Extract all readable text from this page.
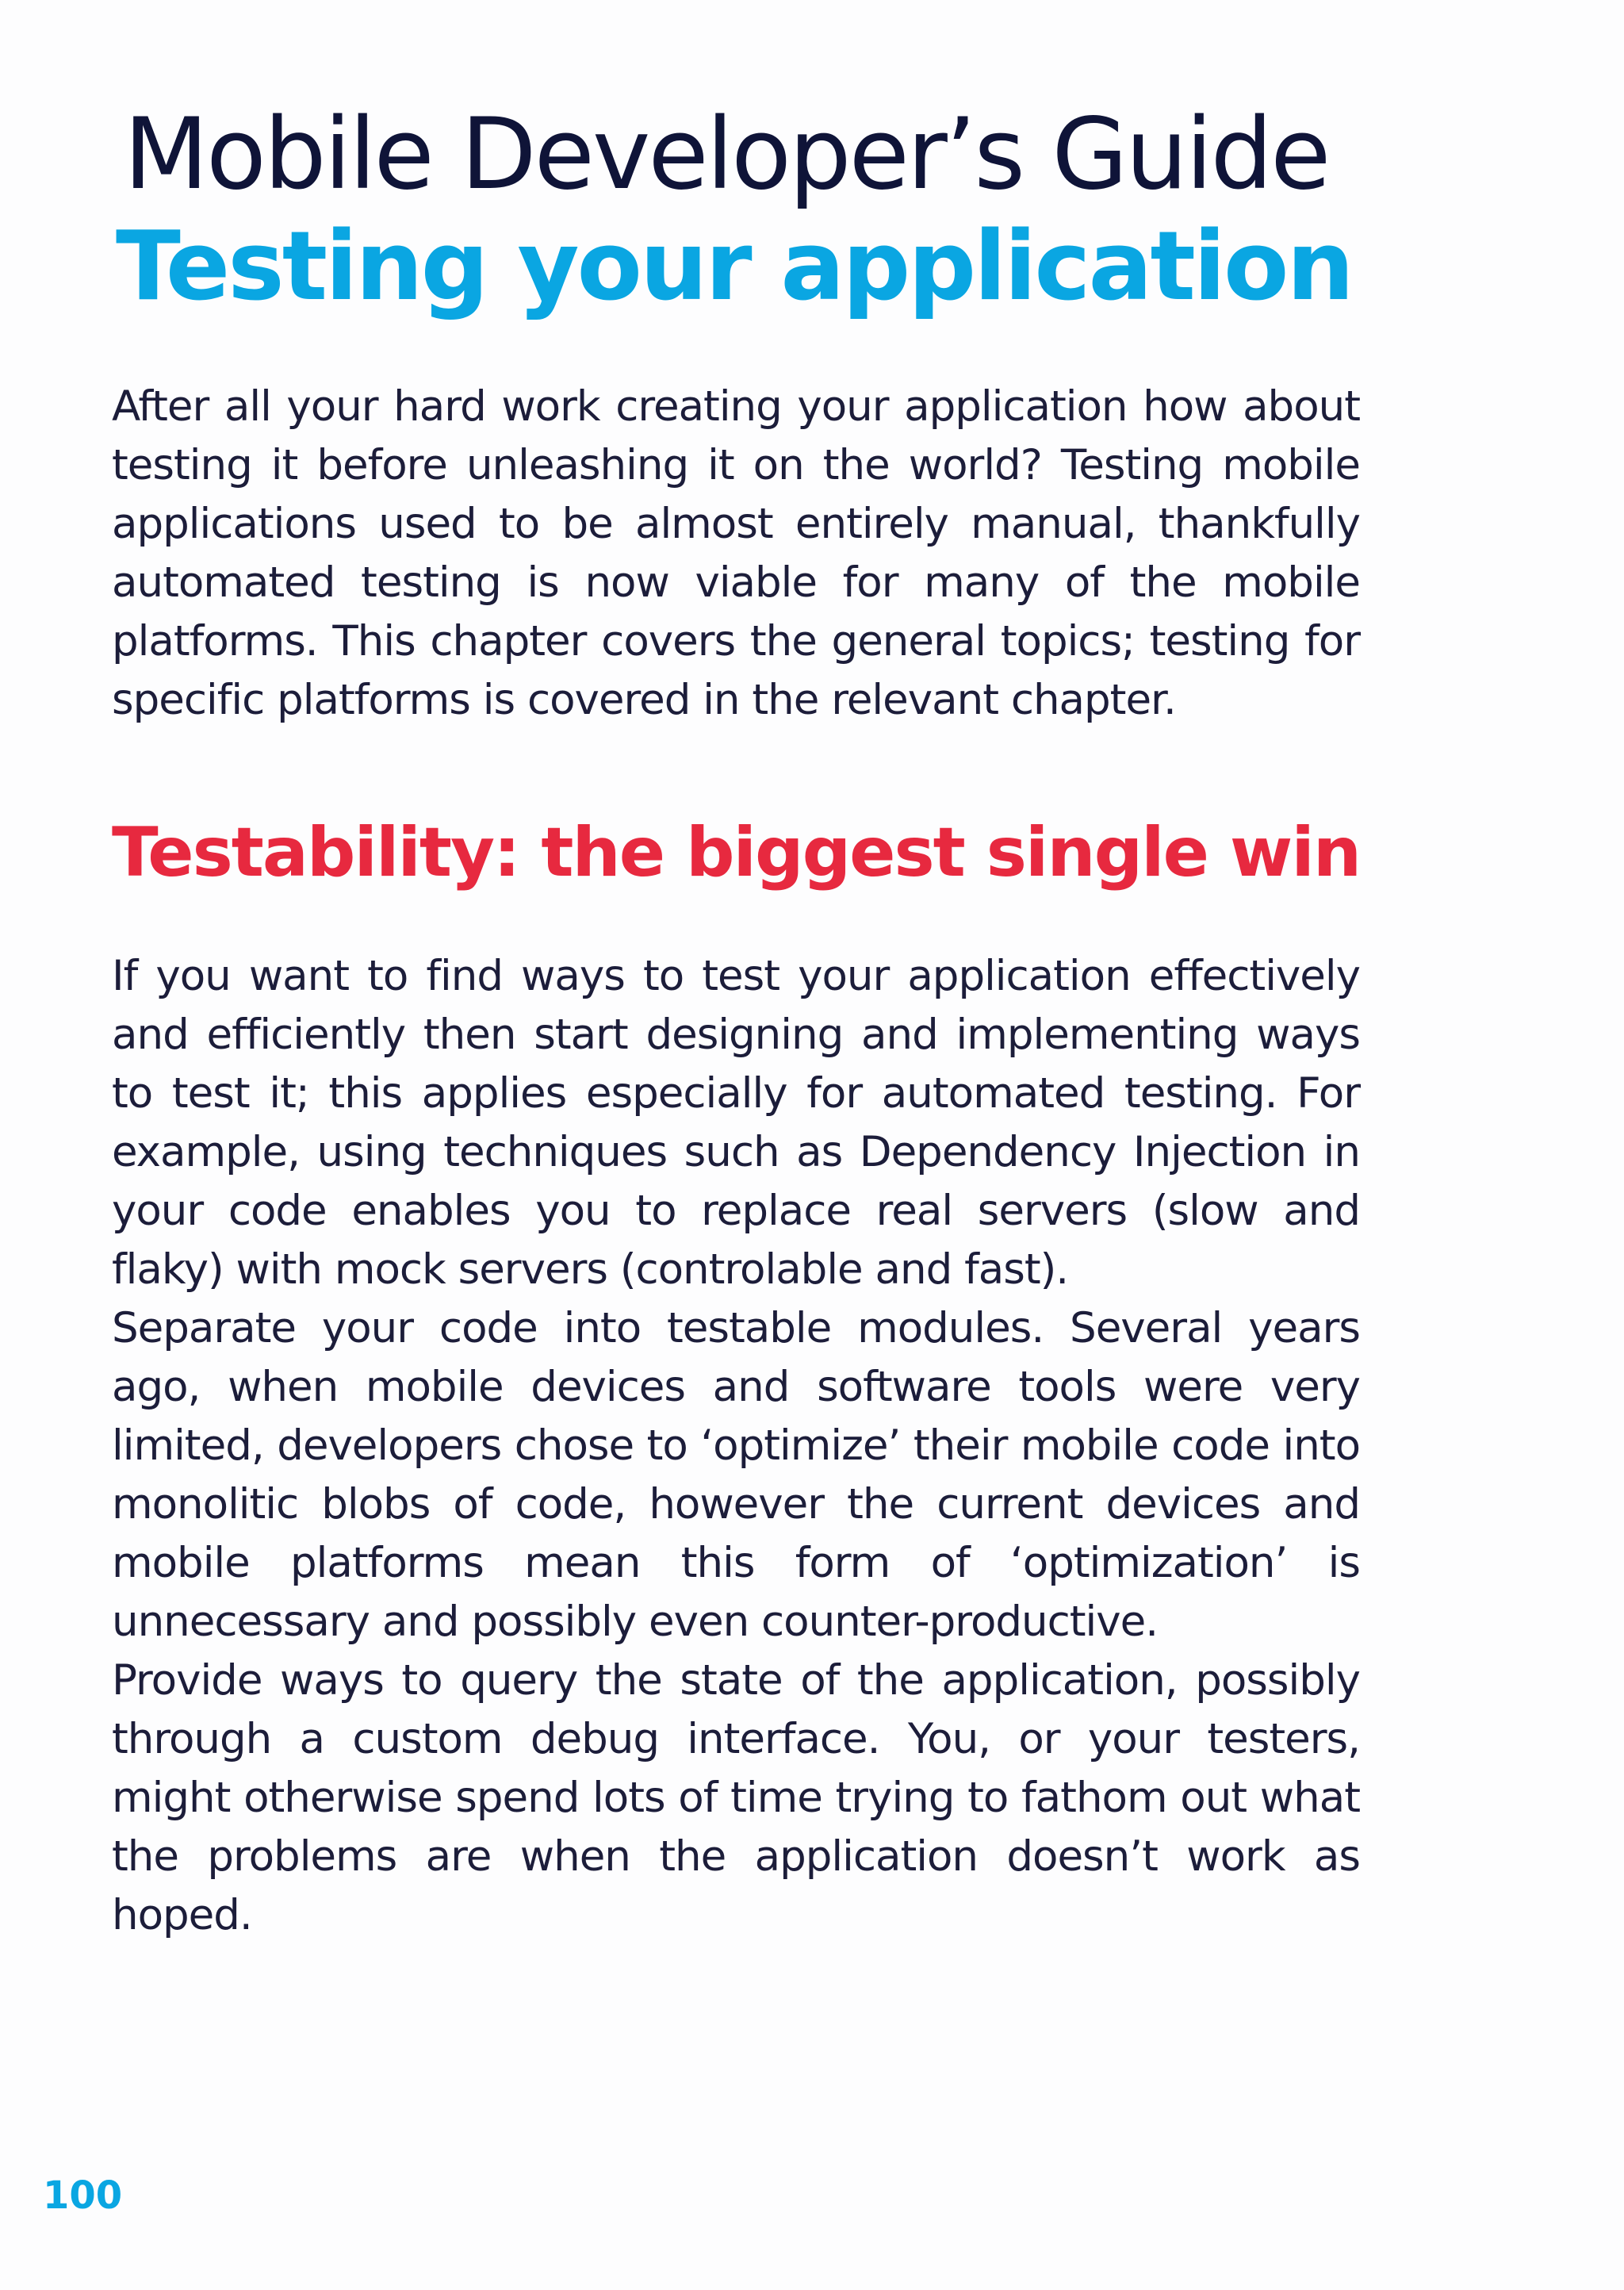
Mobile Developer’s Guide
Testing your application

After all your hard work creating your application how about testing it before unleashing it on the world? Testing mobile applications used to be almost entirely manual, thankfully automated testing is now viable for many of the mobile platforms. This chapter covers the general topics; testing for specific platforms is covered in the relevant chapter.

Testability: the biggest single win

If you want to find ways to test your application effectively and efficiently then start designing and implementing ways to test it; this applies especially for automated testing. For example, using techniques such as Dependency Injection in your code enables you to replace real servers (slow and flaky) with mock servers (controlable and fast).

Separate your code into testable modules. Several years ago, when mobile devices and software tools were very limited, developers chose to ‘optimize’ their mobile code into monolitic blobs of code, however the current devices and mobile platforms mean this form of ‘optimization’ is unnecessary and possibly even counter-productive.

Provide ways to query the state of the application, possibly through a custom debug interface. You, or your testers, might otherwise spend lots of time trying to fathom out what the problems are when the application doesn’t work as hoped.

100
